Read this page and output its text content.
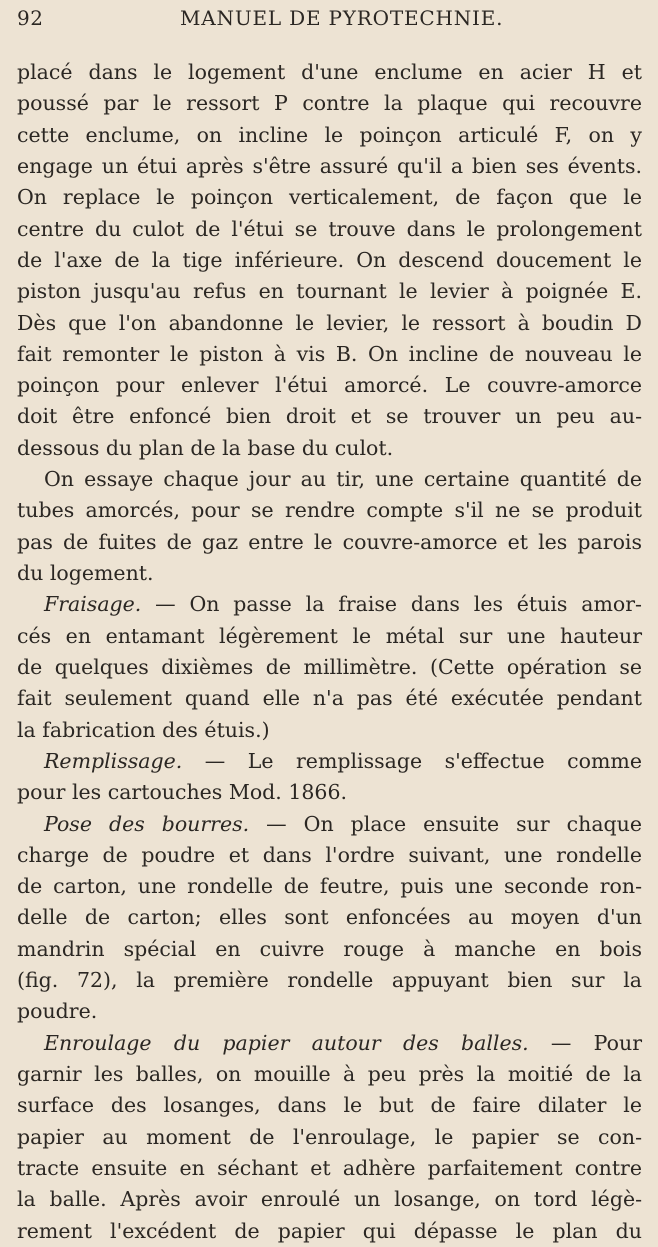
92	MANUEL DE PYROTECHNIE.
placé dans le logement d'une enclume en acier H et
poussé par le ressort P contre la plaque qui recouvre
cette enclume, on incline le poinçon articulé F, on y
engage un étui après s'être assuré qu'il a bien ses évents.
On replace le poinçon verticalement, de façon que le
centre du culot de l'étui se trouve dans le prolongement
de l'axe de la tige inférieure. On descend doucement le
piston jusqu'au refus en tournant le levier à poignée E.
Dès que l'on abandonne le levier, le ressort à boudin D
fait remonter le piston à vis B. On incline de nouveau le
poinçon pour enlever l'étui amorcé. Le couvre-amorce
doit être enfoncé bien droit et se trouver un peu au-
dessous du plan de la base du culot.
On essaye chaque jour au tir, une certaine quantité de
tubes amorcés, pour se rendre compte s'il ne se produit
pas de fuites de gaz entre le couvre-amorce et les parois
du logement.
Fraisage. — On passe la fraise dans les étuis amor-
cés en entamant légèrement le métal sur une hauteur
de quelques dixièmes de millimètre. (Cette opération se
fait seulement quand elle n'a pas été exécutée pendant
la fabrication des étuis.)
Remplissage. — Le remplissage s'effectue comme
pour les cartouches Mod. 1866.
Pose des bourres. — On place ensuite sur chaque
charge de poudre et dans l'ordre suivant, une rondelle
de carton, une rondelle de feutre, puis une seconde ron-
delle de carton; elles sont enfoncées au moyen d'un
mandrin spécial en cuivre rouge à manche en bois
(fig. 72), la première rondelle appuyant bien sur la
poudre.
Enroulage du papier autour des balles. — Pour
garnir les balles, on mouille à peu près la moitié de la
surface des losanges, dans le but de faire dilater le
papier au moment de l'enroulage, le papier se con-
tracte ensuite en séchant et adhère parfaitement contre
la balle. Après avoir enroulé un losange, on tord légè-
rement l'excédent de papier qui dépasse le plan du
